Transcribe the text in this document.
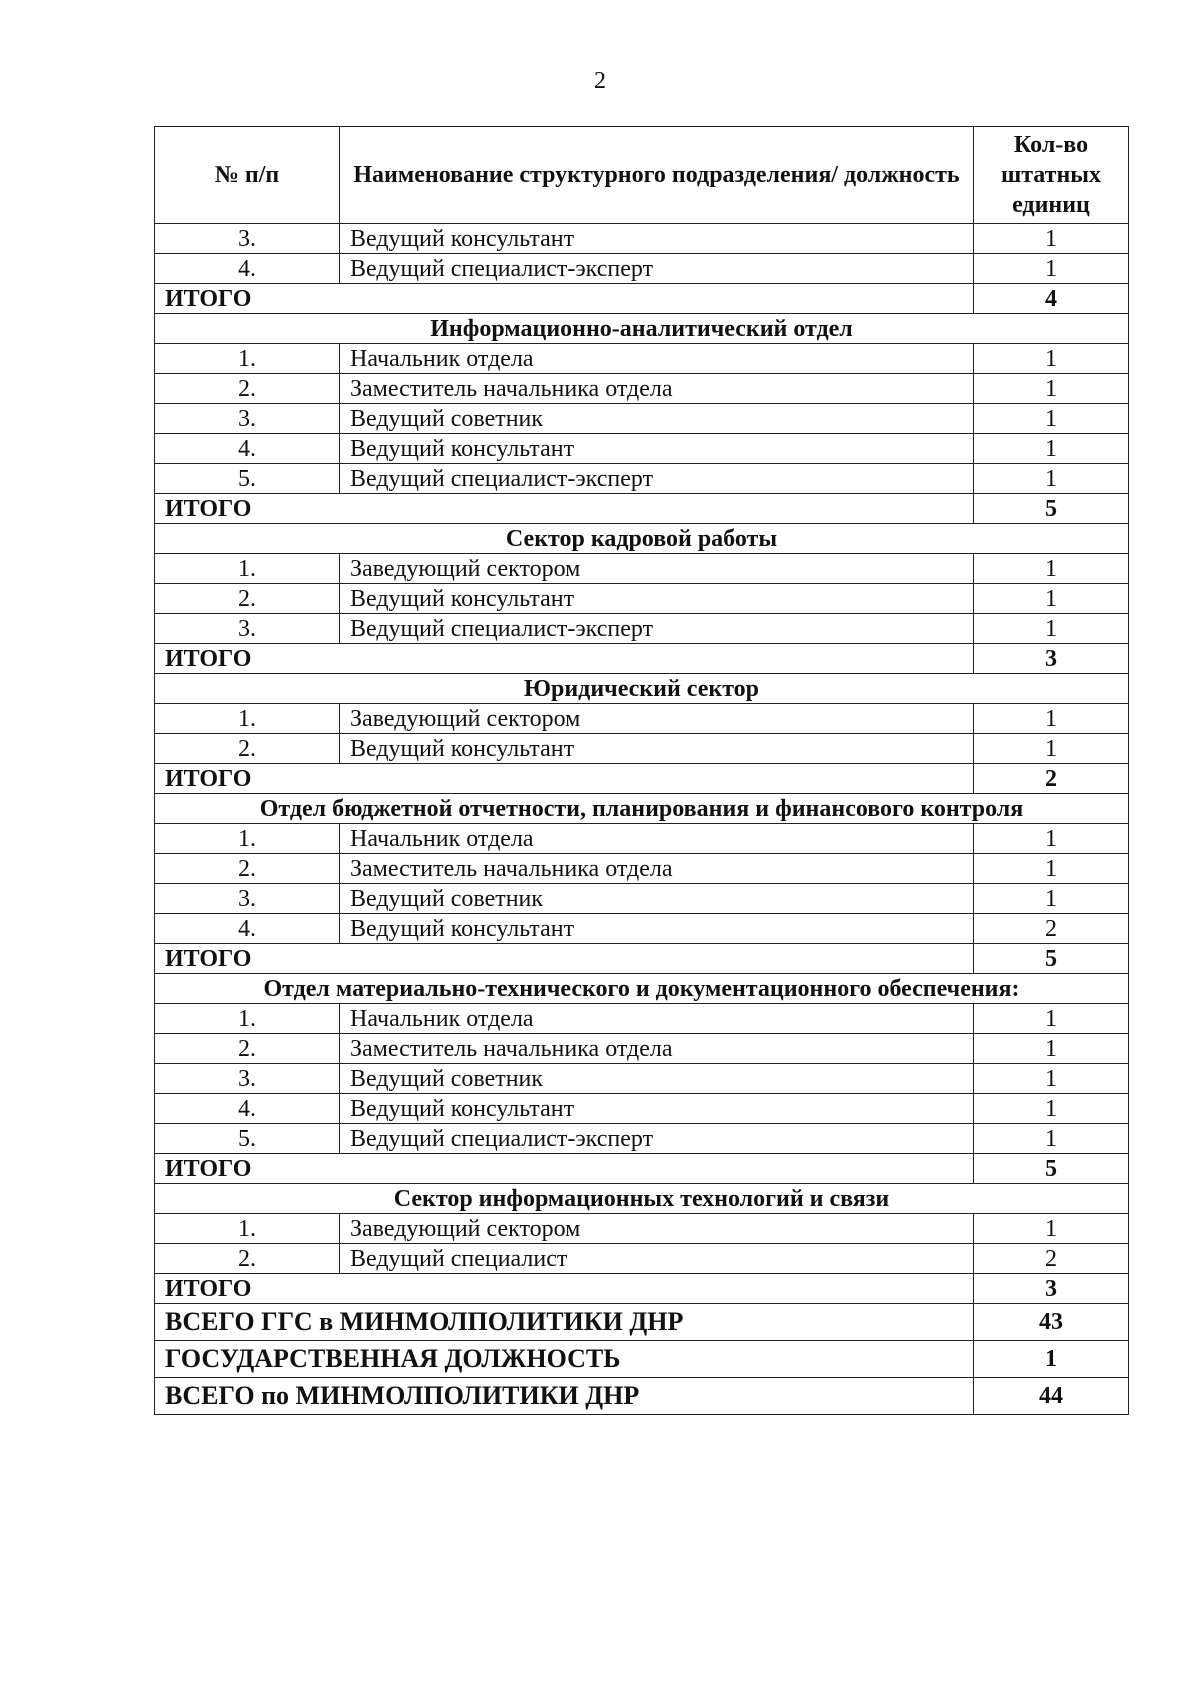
2
№ п/п	Наименование структурного подразделения/ должность	Кол-во штатных единиц
3.	Ведущий консультант	1
4.	Ведущий специалист-эксперт	1
ИТОГО		4
Информационно-аналитический отдел		
1.	Начальник отдела	1
2.	Заместитель начальника отдела	1
3.	Ведущий советник	1
4.	Ведущий консультант	1
5.	Ведущий специалист-эксперт	1
ИТОГО		5
Сектор кадровой работы		
1.	Заведующий сектором	1
2.	Ведущий консультант	1
3.	Ведущий специалист-эксперт	1
ИТОГО		3
Юридический сектор		
1.	Заведующий сектором	1
2.	Ведущий консультант	1
ИТОГО		2
Отдел бюджетной отчетности, планирования и финансового контроля		
1.	Начальник отдела	1
2.	Заместитель начальника отдела	1
3.	Ведущий советник	1
4.	Ведущий консультант	2
ИТОГО		5
Отдел материально-технического и документационного обеспечения:		
1.	Начальник отдела	1
2.	Заместитель начальника отдела	1
3.	Ведущий советник	1
4.	Ведущий консультант	1
5.	Ведущий специалист-эксперт	1
ИТОГО		5
Сектор информационных технологий и связи		
1.	Заведующий сектором	1
2.	Ведущий специалист	2
ИТОГО		3
ВСЕГО ГГС в МИНМОЛПОЛИТИКИ ДНР		43
ГОСУДАРСТВЕННАЯ ДОЛЖНОСТЬ		1
ВСЕГО по МИНМОЛПОЛИТИКИ ДНР		44
